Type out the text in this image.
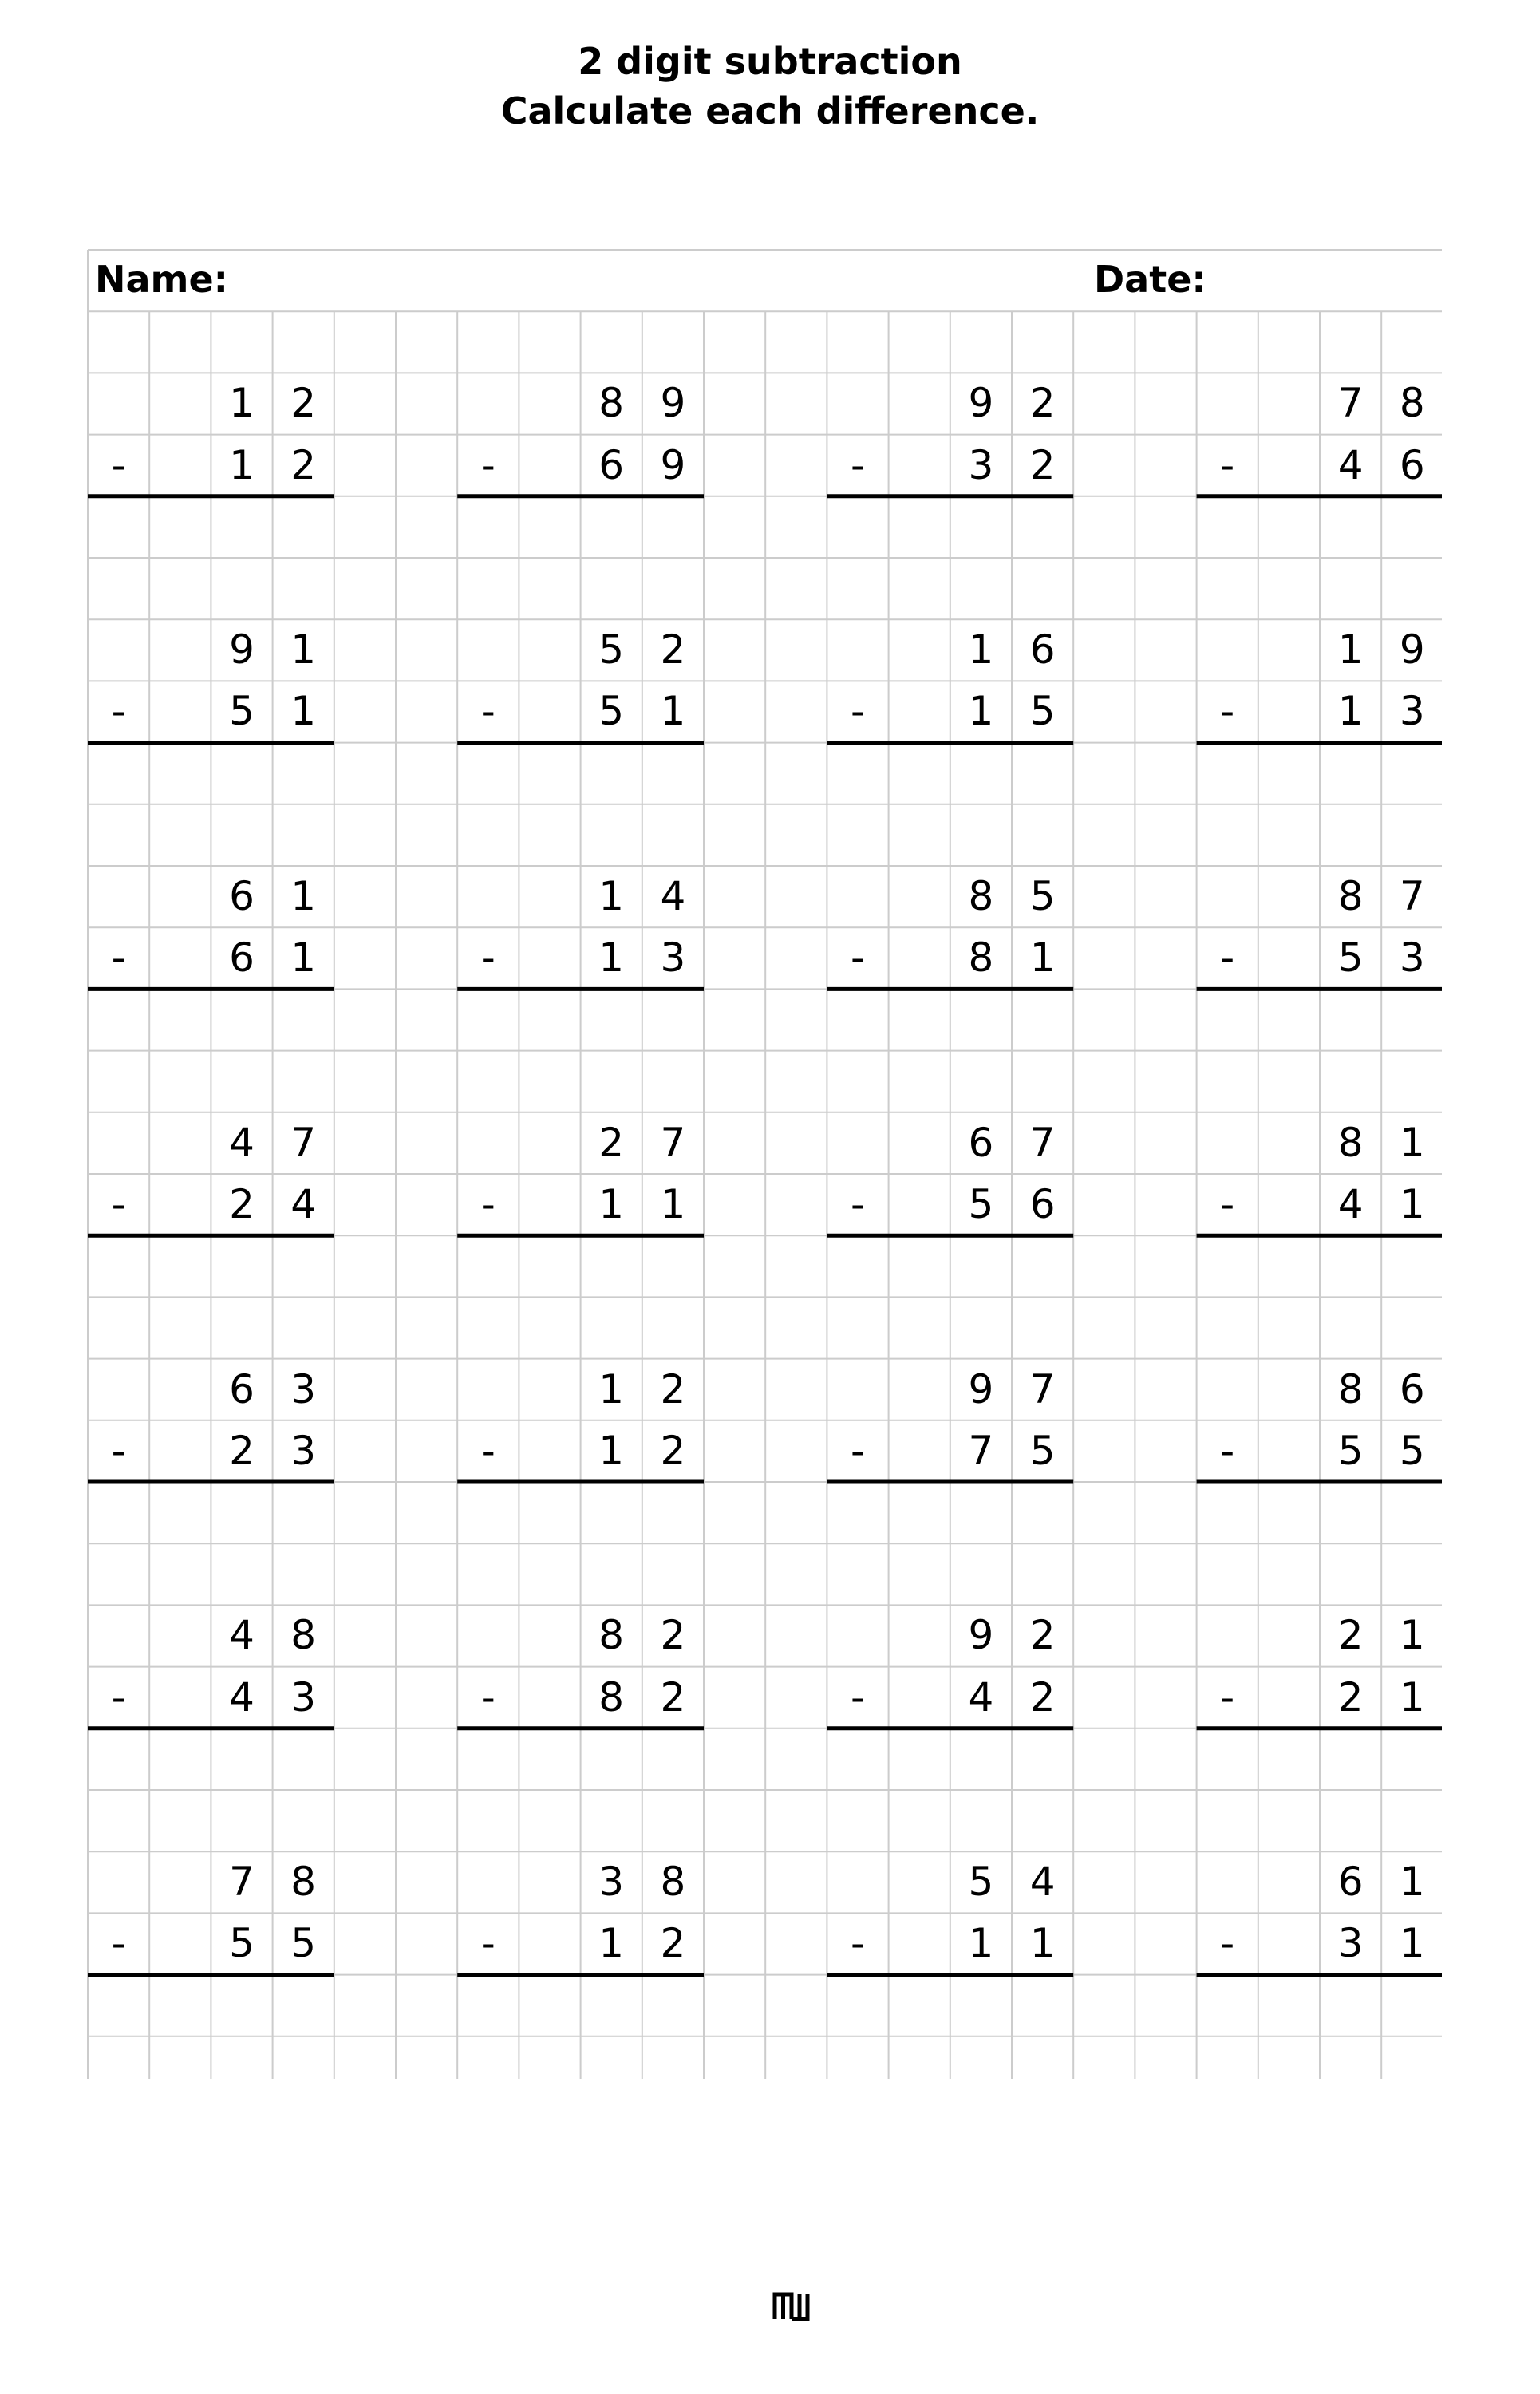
2 digit subtraction
Calculate each difference.
Name:	Date:
1 2
-	1 2
8 9
-	6 9
9 2
-	3 2
7 8
-	4 6
9 1
-	5 1
5 2
-	5 1
1 6
-	1 5
1 9
-	1 3
6 1
-	6 1
1 4
-	1 3
8 5
-	8 1
8 7
-	5 3
4 7
-	2 4
2 7
-	1 1
6 7
-	5 6
8 1
-	4 1
6 3
-	2 3
1 2
-	1 2
9 7
-	7 5
8 6
-	5 5
4 8
-	4 3
8 2
-	8 2
9 2
-	4 2
2 1
-	2 1
7 8
-	5 5
3 8
-	1 2
5 4
-	1 1
6 1
-	3 1
